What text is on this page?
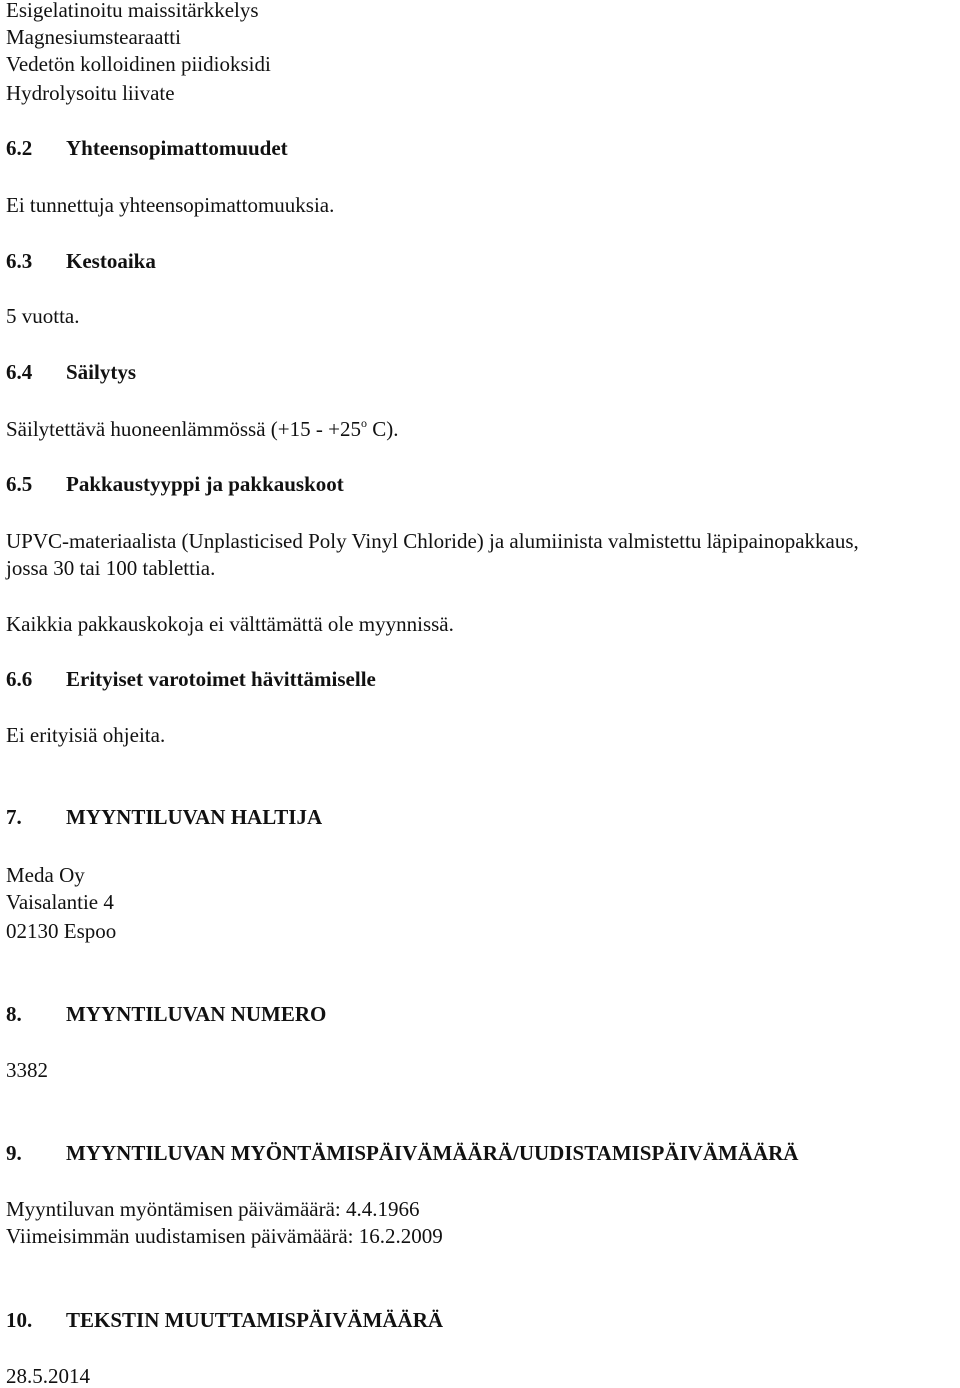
Esigelatinoitu maissitärkkelys
Magnesiumstearaatti
Vedetön kolloidinen piidioksidi
Hydrolysoitu liivate
6.2 Yhteensopimattomuudet
Ei tunnettuja yhteensopimattomuuksia.
6.3 Kestoaika
5 vuotta.
6.4 Säilytys
Säilytettävä huoneenlämmössä ($+15 - +25^o$ C).
6.5 Pakkaustyyppi ja pakkauskoot
UPVC-materiaalista (Unplasticised Poly Vinyl Chloride) ja alumiinista valmistettu läpipainopakkaus,
jossa 30 tai 100 tablettia.
Kaikkia pakkauskokoja ei välttämättä ole myynnissä.
6.6 Erityiset varotoimet hävittämiselle
Ei erityisiä ohjeita.
7. MYYNTILUVAN HALTIJA
Meda Oy
Vaisalantie 4
02130 Espoo
8. MYYNTILUVAN NUMERO
3382
9. MYYNTILUVAN MYÖNTÄMISPÄIVÄMÄÄRÄ/UUDISTAMISPÄIVÄMÄÄRÄ
Myyntiluvan myöntämisen päivämäärä: 4.4.1966
Viimeisimmän uudistamisen päivämäärä: 16.2.2009
10. TEKSTIN MUUTTAMISPÄIVÄMÄÄRÄ
28.5.2014
